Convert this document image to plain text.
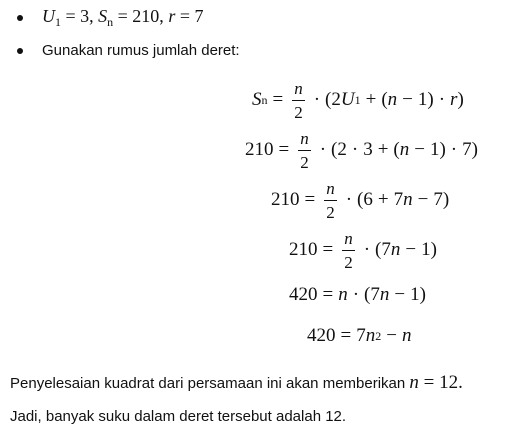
$U_1 = 3$, $S_n = 210$, r = 7
Gunakan rumus jumlah deret:
S $n = \frac{n}{2} \cdot (2$ U 1 + ( n − 1) · r )
$210 = \frac{n}{2} \cdot (2 \cdot 3$ + ( n − 1) · 7)
$210 = \frac{n}{2} \cdot (6 + 7$ n − 7)
$210 = \frac{n}{2} \cdot (7$ n − 1)
420 = n · (7 n − 1)
420 = 7 n 2 − n
Penyelesaian kuadrat dari persamaan ini akan memberikan n = 12.
Jadi, banyak suku dalam deret tersebut adalah 12.
